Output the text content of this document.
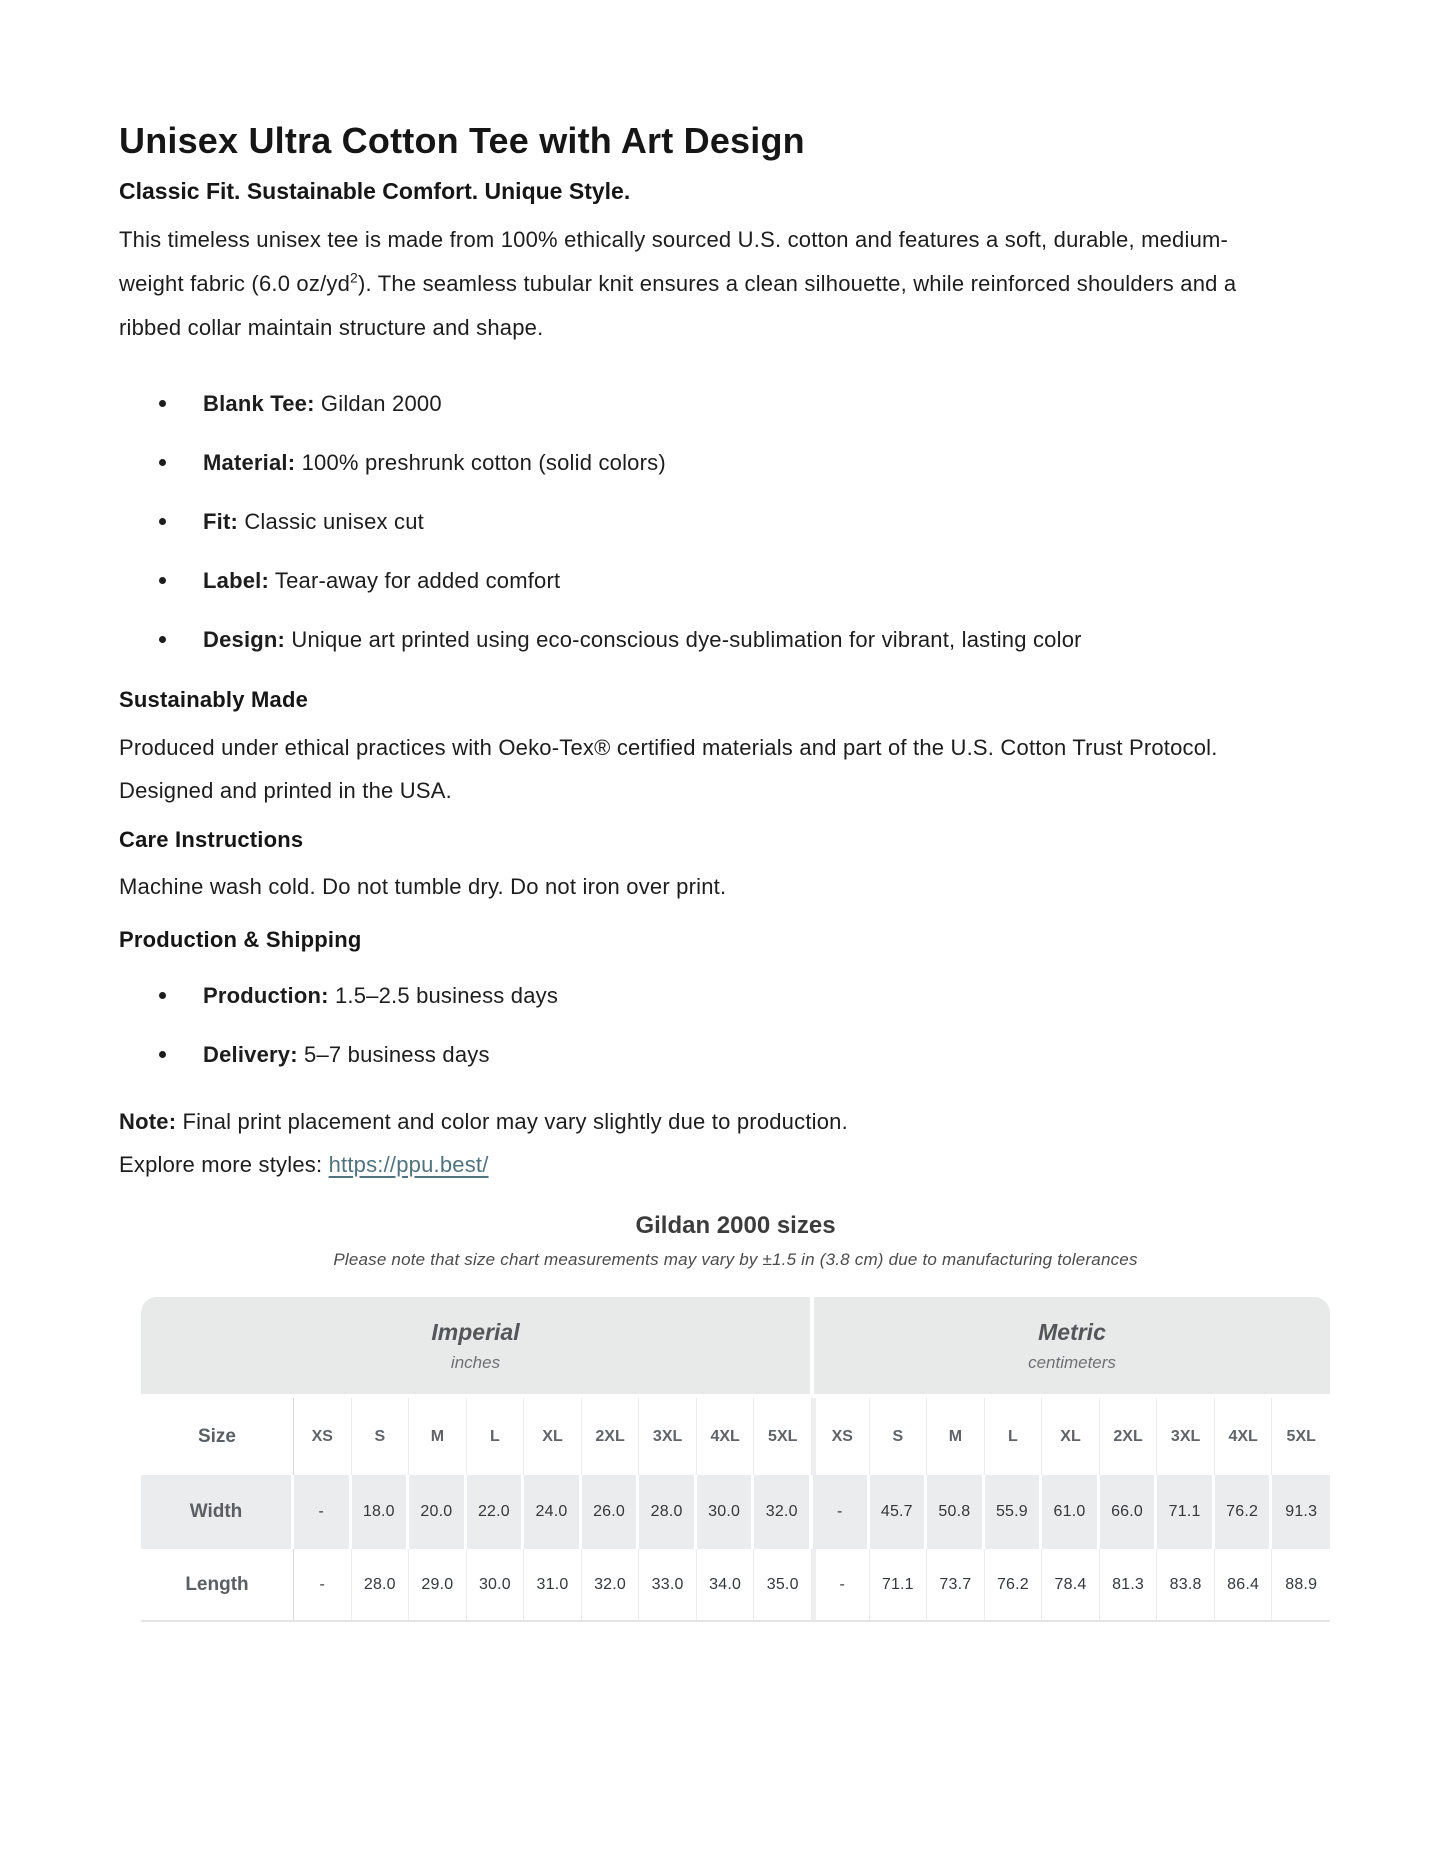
Unisex Ultra Cotton Tee with Art Design
Classic Fit. Sustainable Comfort. Unique Style.

This timeless unisex tee is made from 100% ethically sourced U.S. cotton and features a soft, durable, medium-weight fabric (6.0 $oz/yd^2$). The seamless tubular knit ensures a clean silhouette, while reinforced shoulders and a ribbed collar maintain structure and shape.

Blank Tee: Gildan 2000
Material: 100% preshrunk cotton (solid colors)
Fit: Classic unisex cut
Label: Tear-away for added comfort
Design: Unique art printed using eco-conscious dye-sublimation for vibrant, lasting color
Sustainably Made

Produced under ethical practices with Oeko-Tex® certified materials and part of the U.S. Cotton Trust Protocol. Designed and printed in the USA.

Care Instructions

Machine wash cold. Do not tumble dry. Do not iron over print.

Production & Shipping
Production: 1.5–2.5 business days
Delivery: 5–7 business days
Note: Final print placement and color may vary slightly due to production.
Explore more styles: https://ppu.best/
Gildan 2000 sizes
Please note that size chart measurements may vary by ±1.5 in (3.8 cm) due to manufacturing tolerances
Imperial
inches
Metric
centimeters
Size	XS	S	M	L	XL	2XL	3XL	4XL	5XL	XS	S	M	L	XL	2XL	3XL	4XL	5XL
Width	-	18.0	20.0	22.0	24.0	26.0	28.0	30.0	32.0	-	45.7	50.8	55.9	61.0	66.0	71.1	76.2	91.3
Length	-	28.0	29.0	30.0	31.0	32.0	33.0	34.0	35.0	-	71.1	73.7	76.2	78.4	81.3	83.8	86.4	88.9
